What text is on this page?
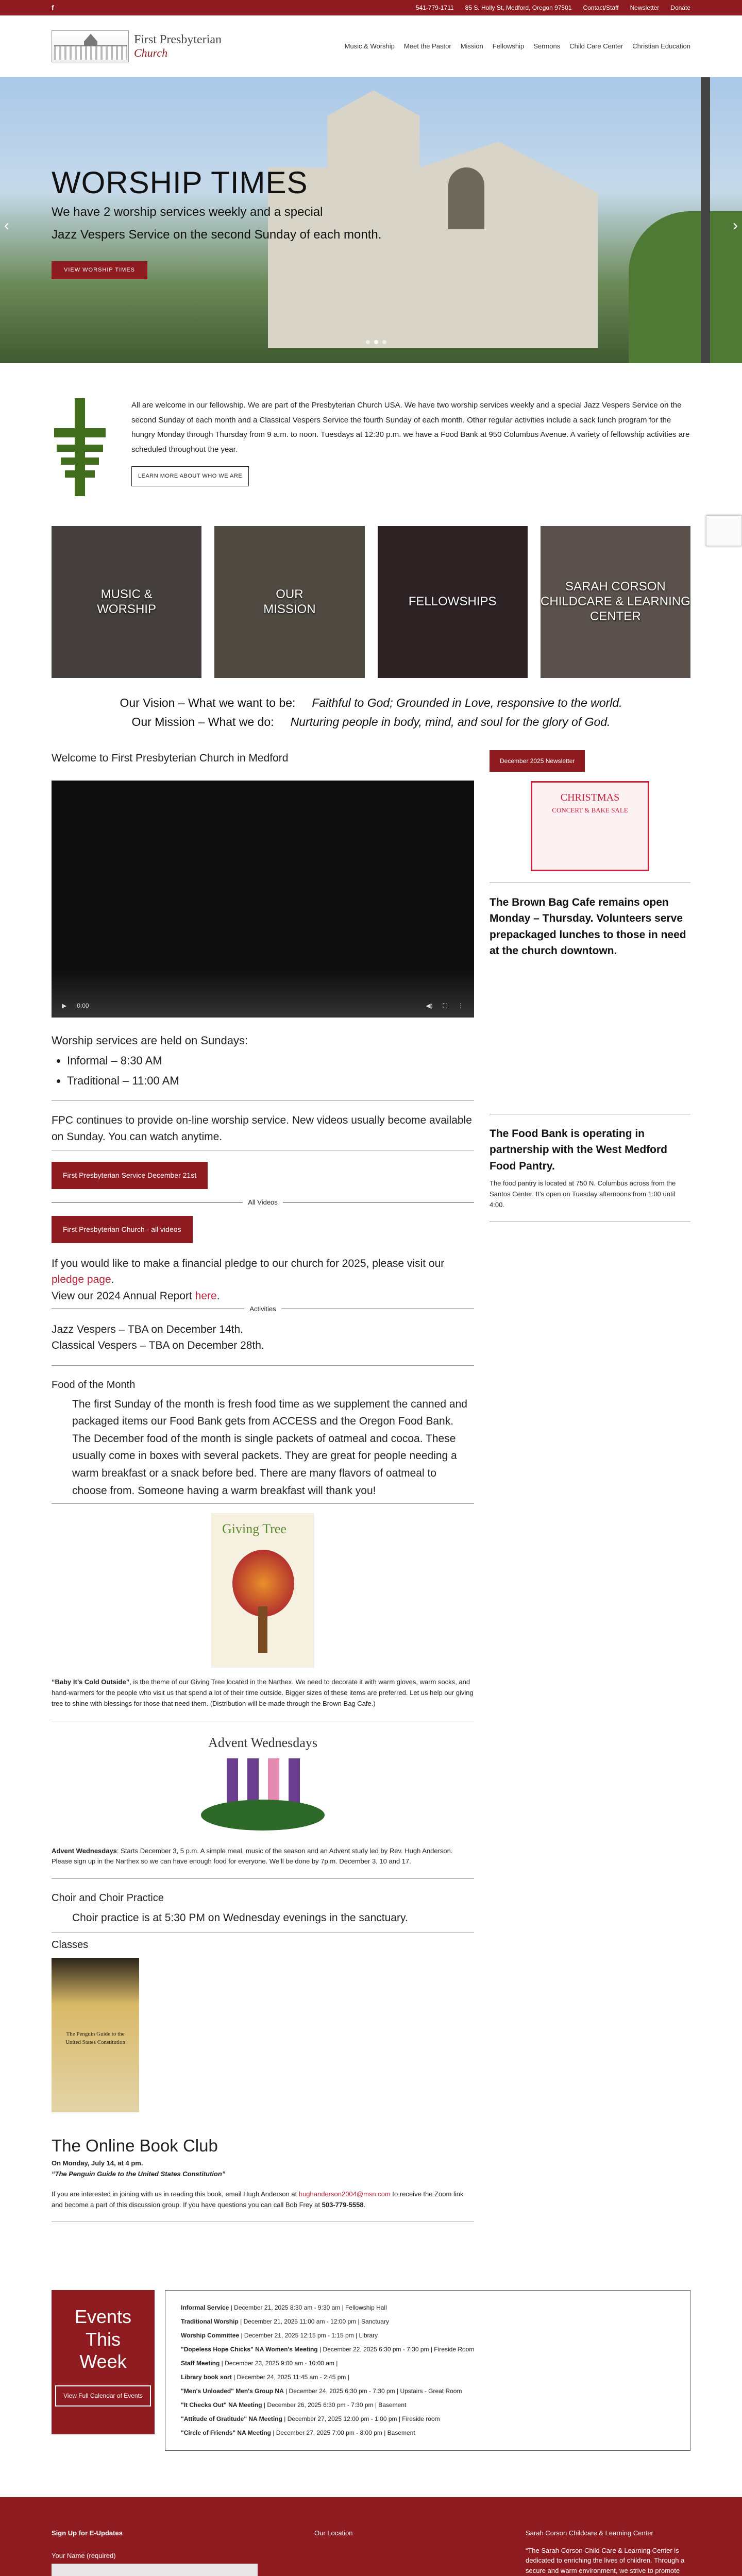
f	541-779-1711 85 S. Holly St, Medford, Oregon 97501 Contact/Staff Newsletter Donate
First Presbyterian
Church
Music & Worship Meet the Pastor Mission Fellowship Sermons Child Care Center Christian Education
‹	›
WORSHIP TIMES

We have 2 worship services weekly and a special

Jazz Vespers Service on the second Sunday of each month.

VIEW WORSHIP TIMES

All are welcome in our fellowship. We are part of the Presbyterian Church USA. We have two worship services weekly and a special Jazz Vespers Service on the second Sunday of each month and a Classical Vespers Service the fourth Sunday of each month. Other regular activities include a sack lunch program for the hungry Monday through Thursday from 9 a.m. to noon. Tuesdays at 12:30 p.m. we have a Food Bank at 950 Columbus Avenue. A variety of fellowship activities are scheduled throughout the year.

LEARN MORE ABOUT WHO WE ARE
MUSIC &
WORSHIP
OUR
MISSION
FELLOWSHIPS
SARAH CORSON
CHILDCARE & LEARNING CENTER
Our Vision – What we want to be: Faithful to God; Grounded in Love, responsive to the world.
Our Mission – What we do: Nurturing people in body, mind, and soul for the glory of God.
Welcome to First Presbyterian Church in Medford
▶ 0:00	◀) ⛶ ⋮

Worship services are held on Sundays:

• Informal – 8:30 AM
• Traditional – 11:00 AM

FPC continues to provide on-line worship service. New videos usually become available on Sunday. You can watch anytime.

First Presbyterian Service December 21st
All Videos
First Presbyterian Church - all videos

If you would like to make a financial pledge to our church for 2025, please visit our pledge page.

View our 2024 Annual Report here.

Activities

Jazz Vespers – TBA on December 14th.

Classical Vespers – TBA on December 28th.

Food of the Month

The first Sunday of the month is fresh food time as we supplement the canned and packaged items our Food Bank gets from ACCESS and the Oregon Food Bank. The December food of the month is single packets of oatmeal and cocoa. These usually come in boxes with several packets. They are great for people needing a warm breakfast or a snack before bed. There are many flavors of oatmeal to choose from. Someone having a warm breakfast will thank you!

Giving Tree

“Baby It’s Cold Outside”, is the theme of our Giving Tree located in the Narthex. We need to decorate it with warm gloves, warm socks, and hand-warmers for the people who visit us that spend a lot of their time outside. Bigger sizes of these items are preferred. Let us help our giving tree to shine with blessings for those that need them. (Distribution will be made through the Brown Bag Cafe.)

Advent Wednesdays

Advent Wednesdays: Starts December 3, 5 p.m. A simple meal, music of the season and an Advent study led by Rev. Hugh Anderson. Please sign up in the Narthex so we can have enough food for everyone. We’ll be done by 7p.m. December 3, 10 and 17.

Choir and Choir Practice

Choir practice is at 5:30 PM on Wednesday evenings in the sanctuary.

Classes
The Penguin Guide to the United States Constitution
The Online Book Club

On Monday, July 14, at 4 pm.

“The Penguin Guide to the United States Constitution”

If you are interested in joining with us in reading this book, email Hugh Anderson at hughanderson2004@msn.com to receive the Zoom link and become a part of this discussion group. If you have questions you can call Bob Frey at 503-779-5558.

December 2025 Newsletter
CHRISTMAS
CONCERT & BAKE SALE
The Brown Bag Cafe remains open Monday – Thursday. Volunteers serve prepackaged lunches to those in need at the church downtown.
The Food Bank is operating in partnership with the West Medford Food Pantry.

The food pantry is located at 750 N. Columbus across from the Santos Center. It’s open on Tuesday afternoons from 1:00 until 4:00.

Events
This
Week
View Full Calendar of Events
Informal Service | December 21, 2025 8:30 am - 9:30 am | Fellowship Hall
Traditional Worship | December 21, 2025 11:00 am - 12:00 pm | Sanctuary
Worship Committee | December 21, 2025 12:15 pm - 1:15 pm | Library
"Dopeless Hope Chicks" NA Women's Meeting | December 22, 2025 6:30 pm - 7:30 pm | Fireside Room
Staff Meeting | December 23, 2025 9:00 am - 10:00 am |
Library book sort | December 24, 2025 11:45 am - 2:45 pm |
"Men's Unloaded" Men's Group NA | December 24, 2025 6:30 pm - 7:30 pm | Upstairs - Great Room
"It Checks Out" NA Meeting | December 26, 2025 6:30 pm - 7:30 pm | Basement
"Attitude of Gratitude" NA Meeting | December 27, 2025 12:00 pm - 1:00 pm | Fireside room
"Circle of Friends" NA Meeting | December 27, 2025 7:00 pm - 8:00 pm | Basement

Sign Up for E-Updates

Your Name (required)

Our Location	Sarah Corson Childcare & Learning Center

“The Sarah Corson Child Care & Learning Center is dedicated to enriching the lives of children. Through a secure and warm environment, we strive to promote
